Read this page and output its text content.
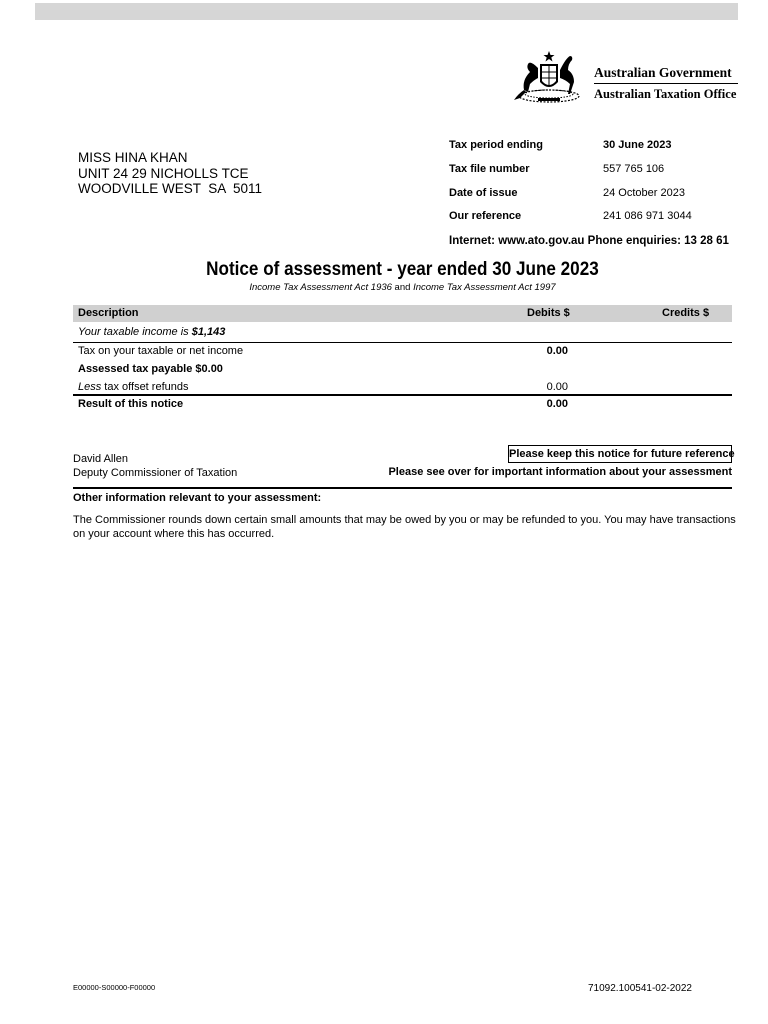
Australian Government
Australian Taxation Office
MISS HINA KHAN
UNIT 24 29 NICHOLLS TCE
WOODVILLE WEST  SA  5011
Tax period ending	30 June 2023
Tax file number	557 765 106
Date of issue	24 October 2023
Our reference	241 086 971 3044
Internet: www.ato.gov.au Phone enquiries: 13 28 61
Notice of assessment - year ended 30 June 2023
Income Tax Assessment Act 1936 and Income Tax Assessment Act 1997
Description	Debits $	Credits $
Your taxable income is $1,143
Tax on your taxable or net income	0.00
Assessed tax payable $0.00
Less tax offset refunds	0.00
Result of this notice	0.00
Please keep this notice for future reference
David Allen
Deputy Commissioner of Taxation	Please see over for important information about your assessment
Other information relevant to your assessment:
The Commissioner rounds down certain small amounts that may be owed by you or may be refunded to you. You may have transactions on your account where this has occurred.
E00000-S00000-F00000	71092.100541-02-2022
